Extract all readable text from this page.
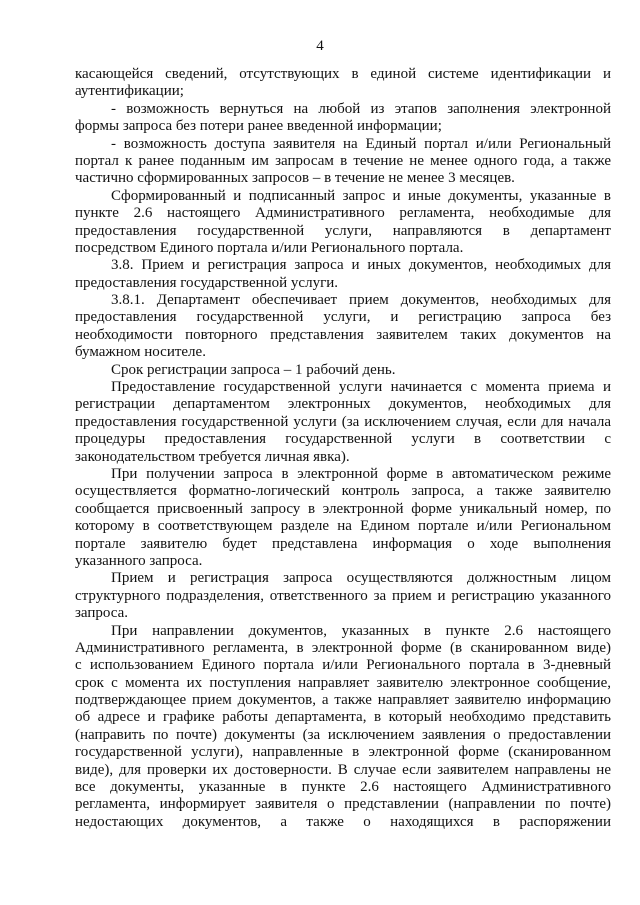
4
касающейся сведений, отсутствующих в единой системе идентификации и
аутентификации;
- возможность вернуться на любой из этапов заполнения электронной
формы запроса без потери ранее введенной информации;
- возможность доступа заявителя на Единый портал и/или Региональный
портал к ранее поданным им запросам в течение не менее одного года, а также
частично сформированных запросов – в течение не менее 3 месяцев.
Сформированный и подписанный запрос и иные документы, указанные в
пункте 2.6 настоящего Административного регламента, необходимые для
предоставления государственной услуги, направляются в департамент
посредством Единого портала и/или Регионального портала.
3.8. Прием и регистрация запроса и иных документов, необходимых для
предоставления государственной услуги.
3.8.1. Департамент обеспечивает прием документов, необходимых для
предоставления государственной услуги, и регистрацию запроса без
необходимости повторного представления заявителем таких документов на
бумажном носителе.
Срок регистрации запроса – 1 рабочий день.
Предоставление государственной услуги начинается с момента приема и
регистрации департаментом электронных документов, необходимых для
предоставления государственной услуги (за исключением случая, если для начала
процедуры предоставления государственной услуги в соответствии с
законодательством требуется личная явка).
При получении запроса в электронной форме в автоматическом режиме
осуществляется форматно-логический контроль запроса, а также заявителю
сообщается присвоенный запросу в электронной форме уникальный номер, по
которому в соответствующем разделе на Едином портале и/или Региональном
портале заявителю будет представлена информация о ходе выполнения
указанного запроса.
Прием и регистрация запроса осуществляются должностным лицом
структурного подразделения, ответственного за прием и регистрацию указанного
запроса.
При направлении документов, указанных в пункте 2.6 настоящего
Административного регламента, в электронной форме (в сканированном виде)
с использованием Единого портала и/или Регионального портала в 3-дневный
срок с момента их поступления направляет заявителю электронное сообщение,
подтверждающее прием документов, а также направляет заявителю информацию
об адресе и графике работы департамента, в который необходимо представить
(направить по почте) документы (за исключением заявления о предоставлении
государственной услуги), направленные в электронной форме (сканированном
виде), для проверки их достоверности. В случае если заявителем направлены не
все документы, указанные в пункте 2.6 настоящего Административного
регламента, информирует заявителя о представлении (направлении по почте)
недостающих документов, а также о находящихся в распоряжении
